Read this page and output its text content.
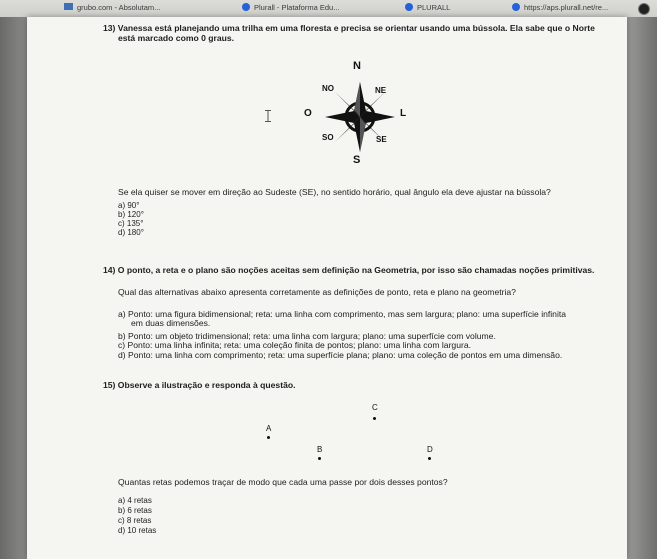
grubo.com - Absolutam...	Plurall - Plataforma Edu...	PLURALL	https://aps.plurall.net/re...
13) Vanessa está planejando uma trilha em uma floresta e precisa se orientar usando uma bússola. Ela sabe que o Norte
está marcado como 0 graus.
N
NO	NE
O	L
SO	SE
S
Se ela quiser se mover em direção ao Sudeste (SE), no sentido horário, qual ângulo ela deve ajustar na bússola?
a) 90°
b) 120°
c) 135°
d) 180°
14) O ponto, a reta e o plano são noções aceitas sem definição na Geometria, por isso são chamadas noções primitivas.
Qual das alternativas abaixo apresenta corretamente as definições de ponto, reta e plano na geometria?
a) Ponto: uma figura bidimensional; reta: uma linha com comprimento, mas sem largura; plano: uma superfície infinita
em duas dimensões.
b) Ponto: um objeto tridimensional; reta: uma linha com largura; plano: uma superfície com volume.
c) Ponto: uma linha infinita; reta: uma coleção finita de pontos; plano: uma linha com largura.
d) Ponto: uma linha com comprimento; reta: uma superfície plana; plano: uma coleção de pontos em uma dimensão.
15) Observe a ilustração e responda à questão.
C
A
B	D
Quantas retas podemos traçar de modo que cada uma passe por dois desses pontos?
a) 4 retas
b) 6 retas
c) 8 retas
d) 10 retas
